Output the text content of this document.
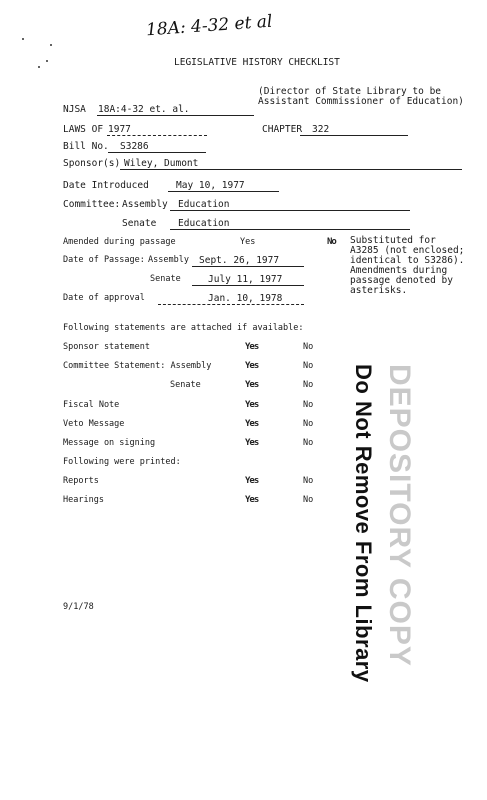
18A: 4-32 et al
LEGISLATIVE HISTORY CHECKLIST
(Director of State Library to be
Assistant Commissioner of Education)
NJSA 18A:4-32 et. al.
LAWS OF 1977	CHAPTER 322
Bill No. S3286
Sponsor(s) Wiley, Dumont
Date Introduced	May 10, 1977
Committee: Assembly Education
Senate Education
Amended during passage	Yes	No Substituted for
A3285 (not enclosed;
identical to S3286).
Amendments during
passage denoted by
asterisks.
Date of Passage: Assembly Sept. 26, 1977
Senate	July 11, 1977
Date of approval	Jan. 10, 1978
Following statements are attached if available:
Sponsor statement	Yes	No
Committee Statement: Assembly	Yes	No
Senate	Yes	No
Fiscal Note	Yes	No
Veto Message	Yes	No
Message on signing	Yes	No
Following were printed:
Reports	Yes	No
Hearings	Yes	No Do Not Remove From Library DEPOSITORY COPY
9/1/78
